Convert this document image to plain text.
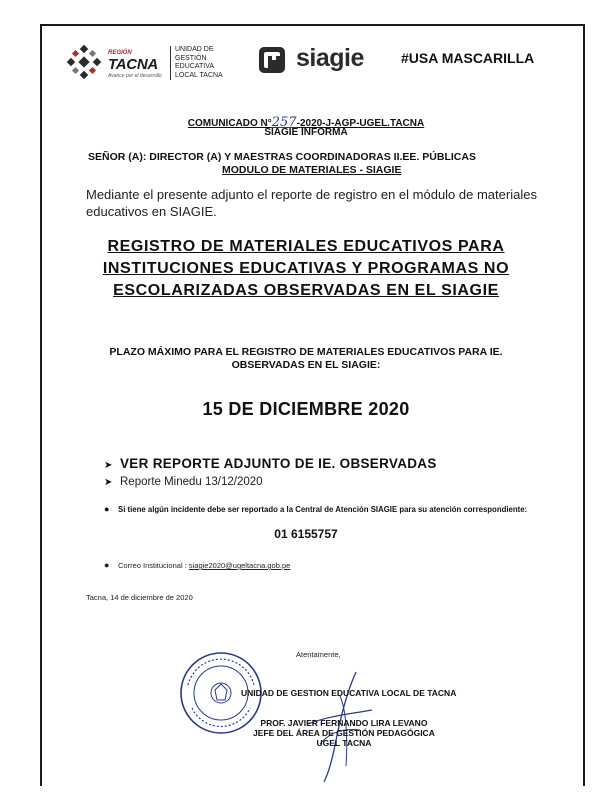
REGIÓN
TACNA
Avance por el desarrollo
UNIDAD DE
GESTIÓN
EDUCATIVA
LOCAL TACNA
siagie	#USA MASCARILLA
COMUNICADO N°257-2020-J-AGP-UGEL.TACNA
SIAGIE INFORMA
SEÑOR (A): DIRECTOR (A) Y MAESTRAS COORDINADORAS II.EE. PÚBLICAS
MODULO DE MATERIALES - SIAGIE
Mediante el presente adjunto el reporte de registro en el módulo de materiales educativos en SIAGIE.
REGISTRO DE MATERIALES EDUCATIVOS PARA
INSTITUCIONES EDUCATIVAS Y PROGRAMAS NO
ESCOLARIZADAS OBSERVADAS EN EL SIAGIE
PLAZO MÁXIMO PARA EL REGISTRO DE MATERIALES EDUCATIVOS PARA IE.
OBSERVADAS EN EL SIAGIE:
15 DE DICIEMBRE 2020
➤ VER REPORTE ADJUNTO DE IE. OBSERVADAS
➤ Reporte Minedu 13/12/2020
● Si tiene algún incidente debe ser reportado a la Central de Atención SIAGIE para su atención correspondiente:
01 6155757
● Correo Institucional : siagie2020@ugeltacna.gob.pe
Tacna, 14 de diciembre de 2020
Atentamente,
UNIDAD DE GESTION EDUCATIVA LOCAL DE TACNA
PROF. JAVIER FERNANDO LIRA LEVANO
JEFE DEL ÁREA DE GESTIÓN PEDAGÓGICA
UGEL TACNA
